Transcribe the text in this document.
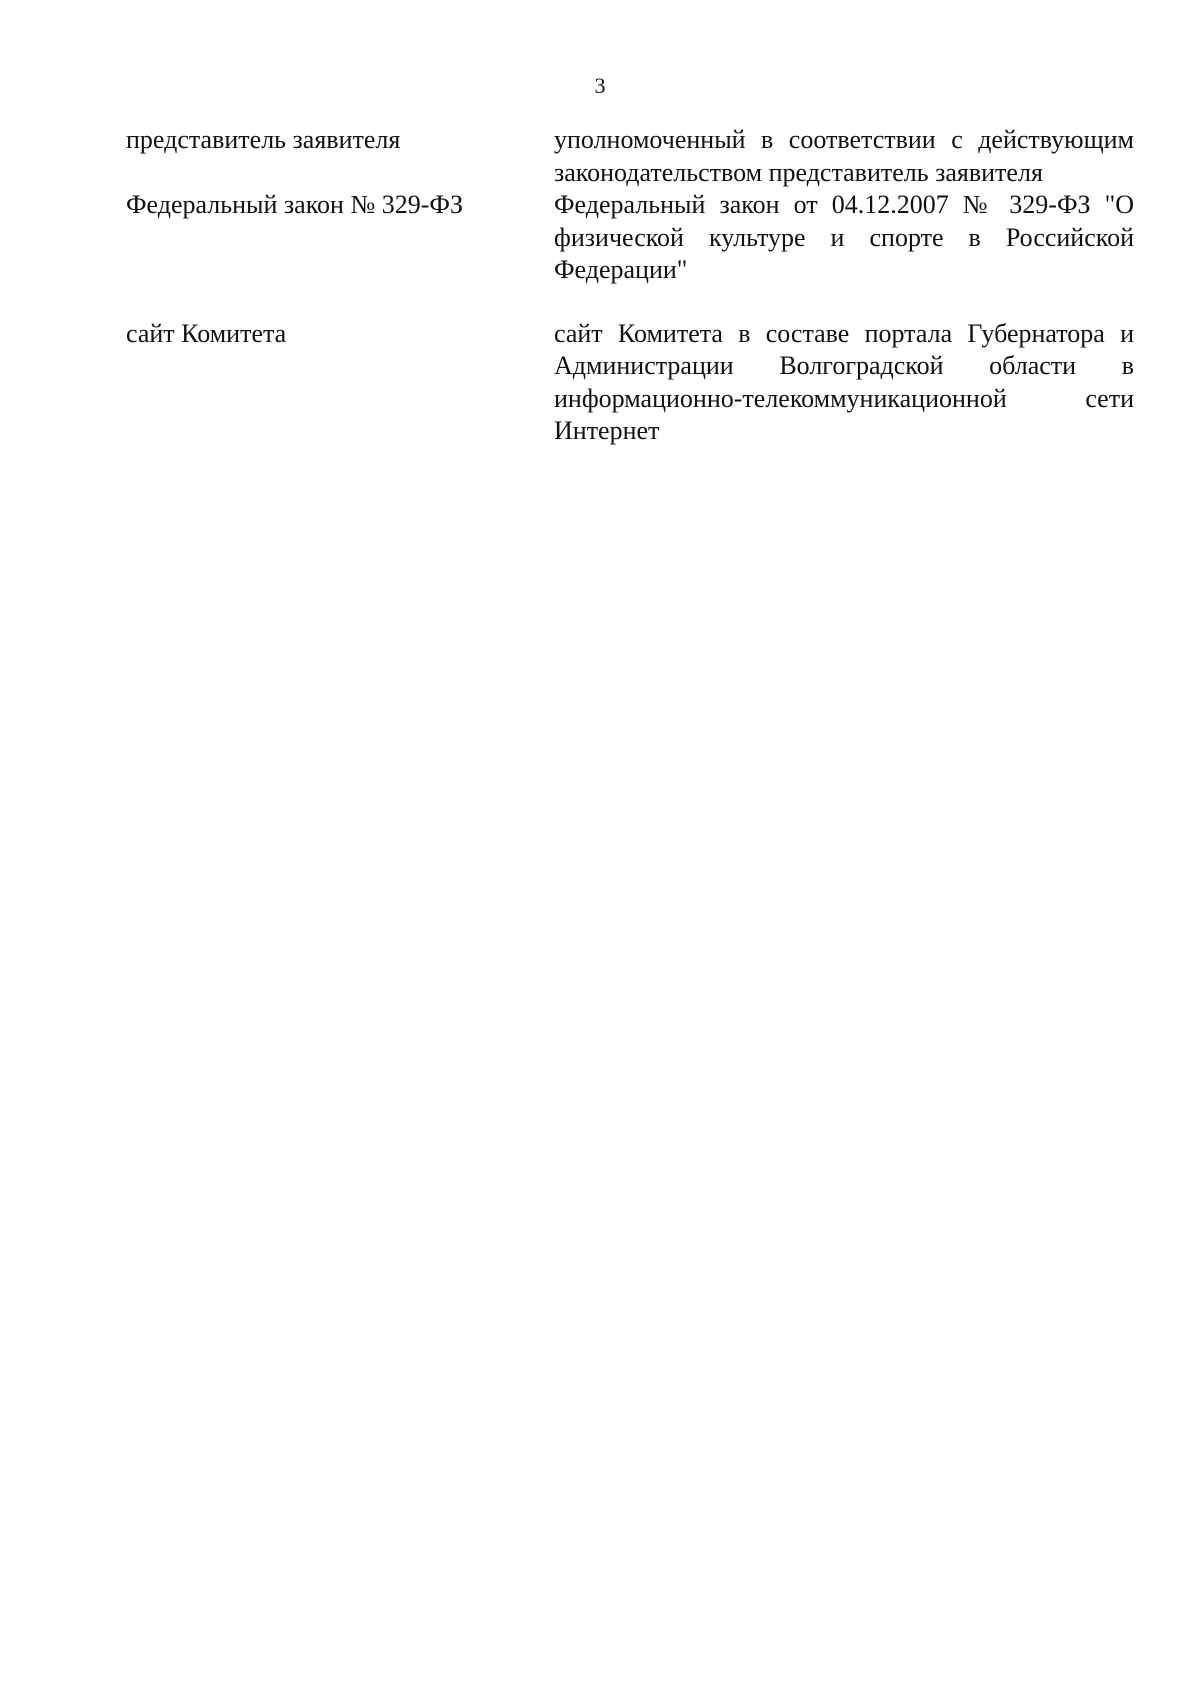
3
представитель заявителя	уполномоченный в соответствии с действующим законодательством представитель заявителя
Федеральный закон № 329-ФЗ	Федеральный закон от 04.12.2007 № 329-ФЗ "О физической культуре и спорте в Российской Федерации"
сайт Комитета	сайт Комитета в составе портала Губернатора и Администрации Волгоградской области в информационно-телекоммуникационной сети Интернет
